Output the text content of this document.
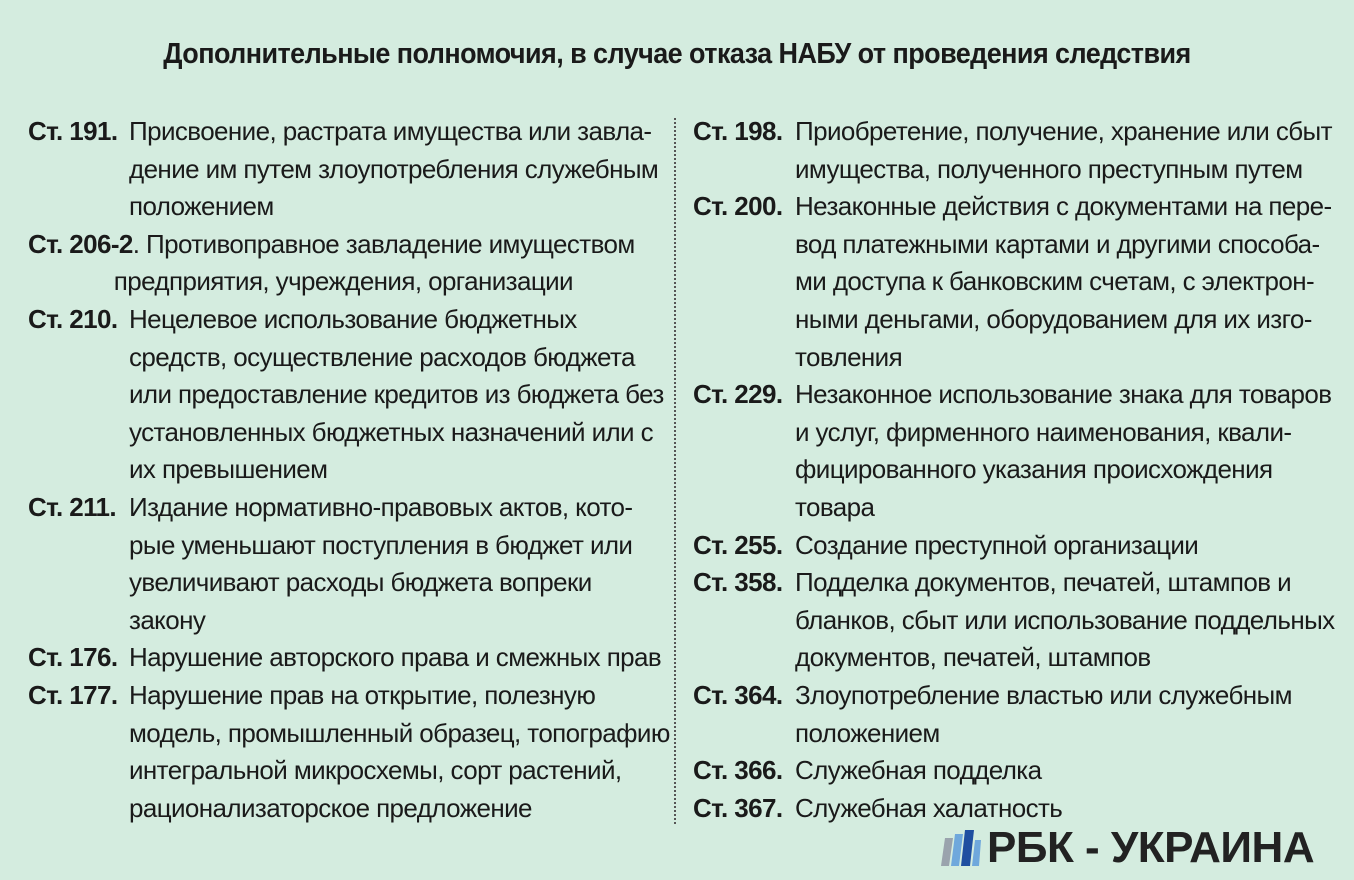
Дополнительные полномочия, в случае отказа НАБУ от проведения следствия
Ст. 191. Присвоение, растрата имущества или завла-
дение им путем злоупотребления служебным
положением
Ст. 206-2 . Противоправное завладение имуществом
предприятия, учреждения, организации
Ст. 210. Нецелевое использование бюджетных
средств, осуществление расходов бюджета
или предоставление кредитов из бюджета без
установленных бюджетных назначений или с
их превышением
Ст. 211. Издание нормативно-правовых актов, кото-
рые уменьшают поступления в бюджет или
увеличивают расходы бюджета вопреки
закону
Ст. 176. Нарушение авторского права и смежных прав
Ст. 177. Нарушение прав на открытие, полезную
модель, промышленный образец, топографию
интегральной микросхемы, сорт растений,
рационализаторское предложение
Ст. 198. Приобретение, получение, хранение или сбыт
имущества, полученного преступным путем
Ст. 200. Незаконные действия с документами на пере-
вод платежными картами и другими способа-
ми доступа к банковским счетам, с электрон-
ными деньгами, оборудованием для их изго-
товления
Ст. 229. Незаконное использование знака для товаров
и услуг, фирменного наименования, квали-
фицированного указания происхождения
товара
Ст. 255. Создание преступной организации
Ст. 358. Подделка документов, печатей, штампов и
бланков, сбыт или использование поддельных
документов, печатей, штампов
Ст. 364. Злоупотребление властью или служебным
положением
Ст. 366. Служебная подделка
Ст. 367. Служебная халатность
РБК - УКРАИНА
